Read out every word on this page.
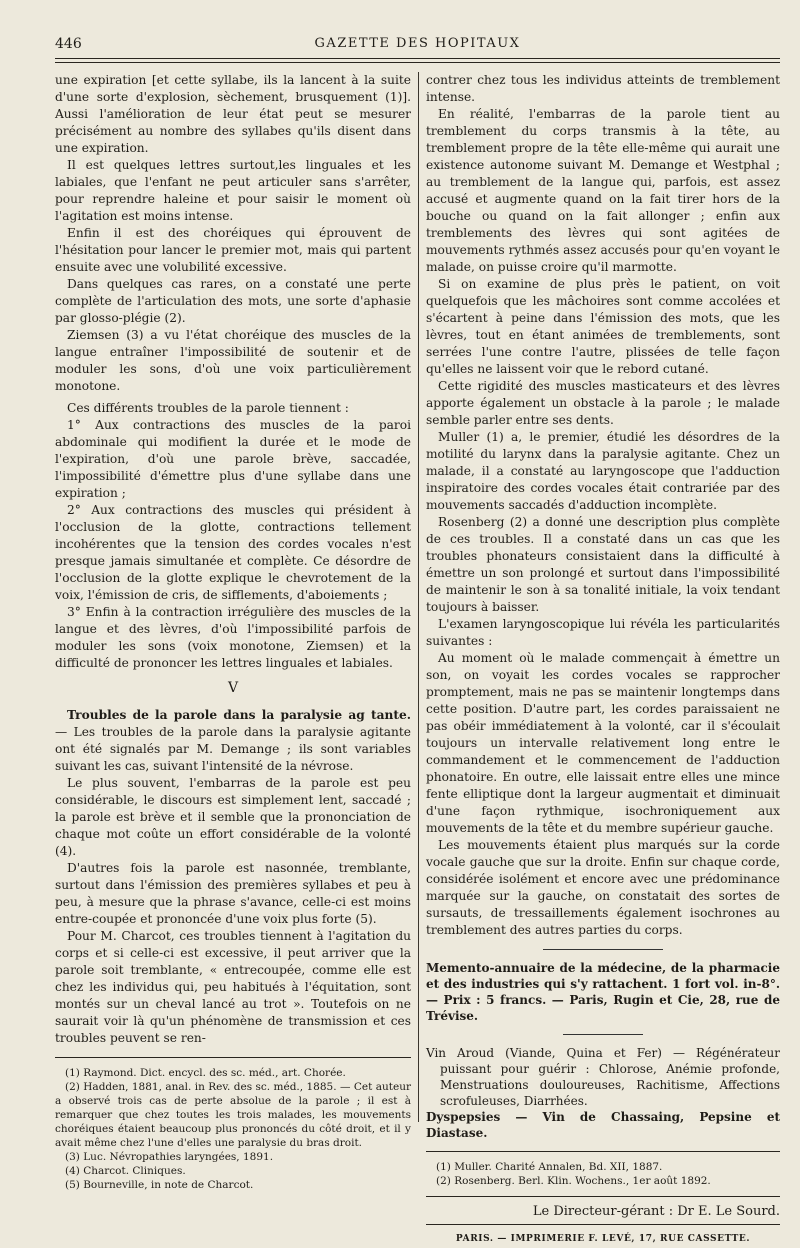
446	GAZETTE DES HOPITAUX

une expiration [et cette syllabe, ils la lancent à la suite d'une sorte d'explosion, sèchement, brusquement (1)]. Aussi l'amélioration de leur état peut se mesurer précisément au nombre des syllabes qu'ils disent dans une expiration.

Il est quelques lettres surtout,les linguales et les labiales, que l'enfant ne peut articuler sans s'arrêter, pour reprendre haleine et pour saisir le moment où l'agitation est moins intense.

Enfin il est des choréiques qui éprouvent de l'hésitation pour lancer le premier mot, mais qui partent ensuite avec une volubilité excessive.

Dans quelques cas rares, on a constaté une perte complète de l'articulation des mots, une sorte d'aphasie par glosso-plégie (2).

Ziemsen (3) a vu l'état choréique des muscles de la langue entraîner l'impossibilité de soutenir et de moduler les sons, d'où une voix particulièrement monotone.

Ces différents troubles de la parole tiennent :

1° Aux contractions des muscles de la paroi abdominale qui modifient la durée et le mode de l'expiration, d'où une parole brève, saccadée, l'impossibilité d'émettre plus d'une syllabe dans une expiration ;

2° Aux contractions des muscles qui président à l'occlusion de la glotte, contractions tellement incohérentes que la tension des cordes vocales n'est presque jamais simultanée et complète. Ce désordre de l'occlusion de la glotte explique le chevrotement de la voix, l'émission de cris, de sifflements, d'aboiements ;

3° Enfin à la contraction irrégulière des muscles de la langue et des lèvres, d'où l'impossibilité parfois de moduler les sons (voix monotone, Ziemsen) et la difficulté de prononcer les lettres linguales et labiales.

V

Troubles de la parole dans la paralysie ag tante. — Les troubles de la parole dans la paralysie agitante ont été signalés par M. Demange ; ils sont variables suivant les cas, suivant l'intensité de la névrose.

Le plus souvent, l'embarras de la parole est peu considérable, le discours est simplement lent, saccadé ; la parole est brève et il semble que la prononciation de chaque mot coûte un effort considérable de la volonté (4).

D'autres fois la parole est nasonnée, tremblante, surtout dans l'émission des premières syllabes et peu à peu, à mesure que la phrase s'avance, celle-ci est moins entre-coupée et prononcée d'une voix plus forte (5).

Pour M. Charcot, ces troubles tiennent à l'agitation du corps et si celle-ci est excessive, il peut arriver que la parole soit tremblante, « entrecoupée, comme elle est chez les individus qui, peu habitués à l'équitation, sont montés sur un cheval lancé au trot ». Toutefois on ne saurait voir là qu'un phénomène de transmission et ces troubles peuvent se ren-

(1) Raymond. Dict. encycl. des sc. méd., art. Chorée.

(2) Hadden, 1881, anal. in Rev. des sc. méd., 1885. — Cet auteur a observé trois cas de perte absolue de la parole ; il est à remarquer que chez toutes les trois malades, les mouvements choréiques étaient beaucoup plus prononcés du côté droit, et il y avait même chez l'une d'elles une paralysie du bras droit.

(3) Luc. Névropathies laryngées, 1891.

(4) Charcot. Cliniques.

(5) Bourneville, in note de Charcot.

contrer chez tous les individus atteints de tremblement intense.

En réalité, l'embarras de la parole tient au tremblement du corps transmis à la tête, au tremblement propre de la tête elle-même qui aurait une existence autonome suivant M. Demange et Westphal ; au tremblement de la langue qui, parfois, est assez accusé et augmente quand on la fait tirer hors de la bouche ou quand on la fait allonger ; enfin aux tremblements des lèvres qui sont agitées de mouvements rythmés assez accusés pour qu'en voyant le malade, on puisse croire qu'il marmotte.

Si on examine de plus près le patient, on voit quelquefois que les mâchoires sont comme accolées et s'écartent à peine dans l'émission des mots, que les lèvres, tout en étant animées de tremblements, sont serrées l'une contre l'autre, plissées de telle façon qu'elles ne laissent voir que le rebord cutané.

Cette rigidité des muscles masticateurs et des lèvres apporte également un obstacle à la parole ; le malade semble parler entre ses dents.

Muller (1) a, le premier, étudié les désordres de la motilité du larynx dans la paralysie agitante. Chez un malade, il a constaté au laryngoscope que l'adduction inspiratoire des cordes vocales était contrariée par des mouvements saccadés d'adduction incomplète.

Rosenberg (2) a donné une description plus complète de ces troubles. Il a constaté dans un cas que les troubles phonateurs consistaient dans la difficulté à émettre un son prolongé et surtout dans l'impossibilité de maintenir le son à sa tonalité initiale, la voix tendant toujours à baisser.

L'examen laryngoscopique lui révéla les particularités suivantes :

Au moment où le malade commençait à émettre un son, on voyait les cordes vocales se rapprocher promptement, mais ne pas se maintenir longtemps dans cette position. D'autre part, les cordes paraissaient ne pas obéir immédiatement à la volonté, car il s'écoulait toujours un intervalle relativement long entre le commandement et le commencement de l'adduction phonatoire. En outre, elle laissait entre elles une mince fente elliptique dont la largeur augmentait et diminuait d'une façon rythmique, isochroniquement aux mouvements de la tête et du membre supérieur gauche.

Les mouvements étaient plus marqués sur la corde vocale gauche que sur la droite. Enfin sur chaque corde, considérée isolément et encore avec une prédominance marquée sur la gauche, on constatait des sortes de sursauts, de tressaillements également isochrones au tremblement des autres parties du corps.

Memento-annuaire de la médecine, de la pharmacie et des industries qui s'y rattachent. 1 fort vol. in-8°. — Prix : 5 francs. — Paris, Rugin et Cie, 28, rue de Trévise.

Vin Aroud (Viande, Quina et Fer) — Régénérateur puissant pour guérir : Chlorose, Anémie profonde, Menstruations douloureuses, Rachitisme, Affections scrofuleuses, Diarrhées.

Dyspepsies — Vin de Chassaing, Pepsine et Diastase.

(1) Muller. Charité Annalen, Bd. XII, 1887.

(2) Rosenberg. Berl. Klin. Wochens., 1er août 1892.

Le Directeur-gérant : Dr E. Le Sourd.
PARIS. — IMPRIMERIE F. LEVÉ, 17, RUE CASSETTE.
